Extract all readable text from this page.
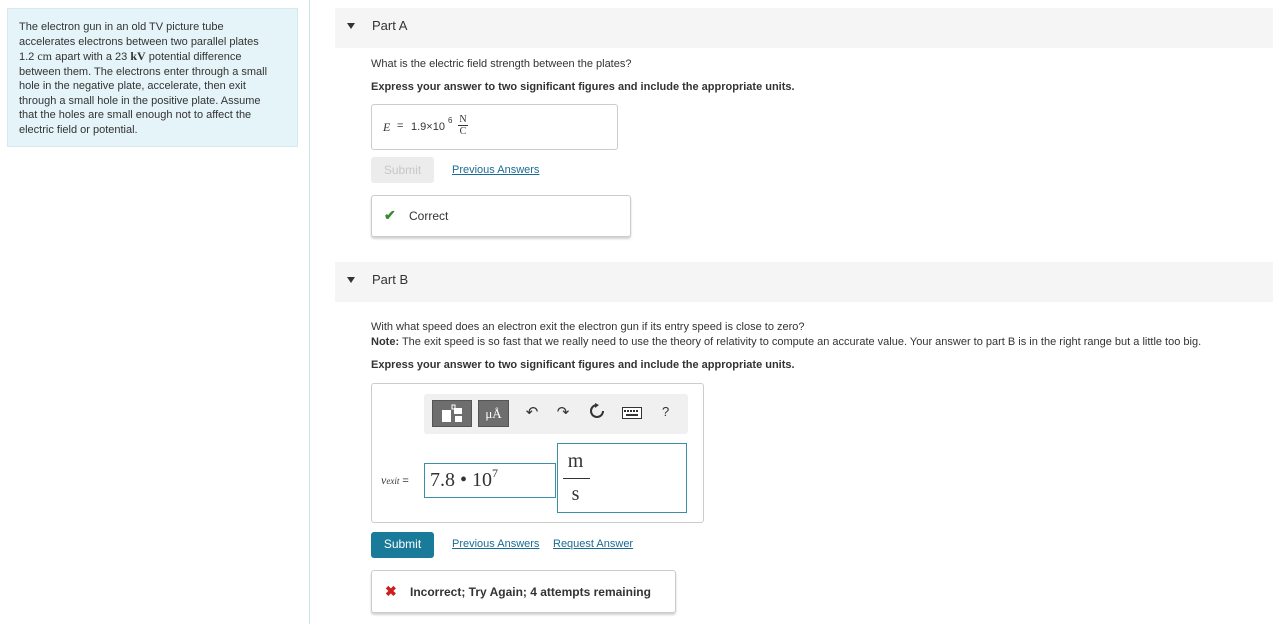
The electron gun in an old TV picture tube
accelerates electrons between two parallel plates
1.2 cm apart with a 23 kV potential difference
between them. The electrons enter through a small
hole in the negative plate, accelerate, then exit
through a small hole in the positive plate. Assume
that the holes are small enough not to affect the
electric field or potential.
Part A
What is the electric field strength between the plates?
Express your answer to two significant figures and include the appropriate units.
E = 1.9×10
$6 \frac{N}{C}$
Submit	Previous Answers
✔ Correct
Part B
With what speed does an electron exit the electron gun if its entry speed is close to zero?
Note: The exit speed is so fast that we really need to use the theory of relativity to compute an accurate value. Your answer to part B is in the right range but a little too big.
Express your answer to two significant figures and include the appropriate units.
μÅ	↶ ↷	?
vexit =	7.8 • $10^7$
m
s
Submit	Previous Answers Request Answer
✖ Incorrect; Try Again; 4 attempts remaining
